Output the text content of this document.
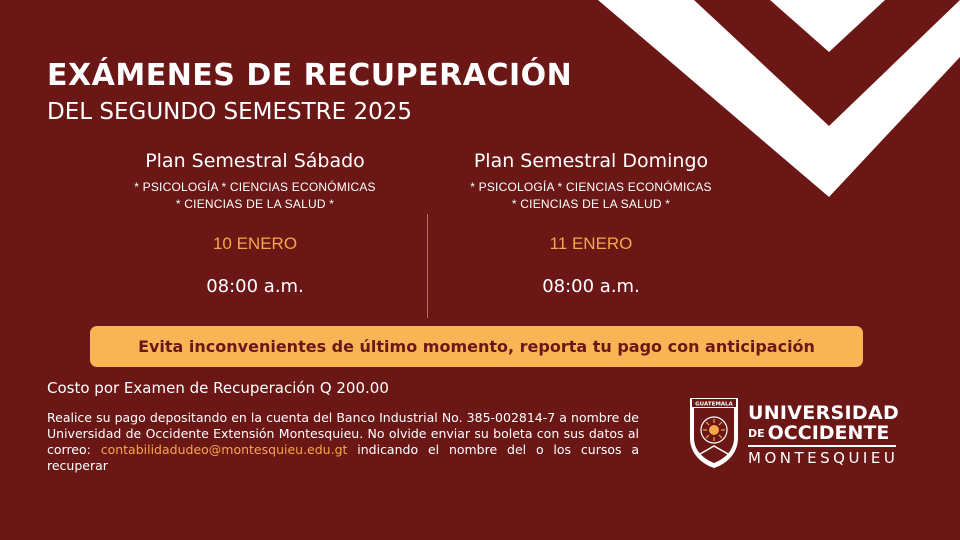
EXÁMENES DE RECUPERACIÓN
DEL SEGUNDO SEMESTRE 2025
Plan Semestral Sábado
* PSICOLOGÍA * CIENCIAS ECONÓMICAS
* CIENCIAS DE LA SALUD *
10 ENERO
08:00 a.m.
Plan Semestral Domingo
* PSICOLOGÍA * CIENCIAS ECONÓMICAS
* CIENCIAS DE LA SALUD *
11 ENERO
08:00 a.m.
Evita inconvenientes de último momento, reporta tu pago con anticipación
Costo por Examen de Recuperación Q 200.00
Realice su pago depositando en la cuenta del Banco Industrial No. 385-002814-7 a nombre de Universidad de Occidente Extensión Montesquieu. No olvide enviar su boleta con sus datos al correo: contabilidadudeo@montesquieu.edu.gt indicando el nombre del o los cursos a recuperar
GUATEMALA UNIVERSIDAD
DE OCCIDENTE
MONTESQUIEU
